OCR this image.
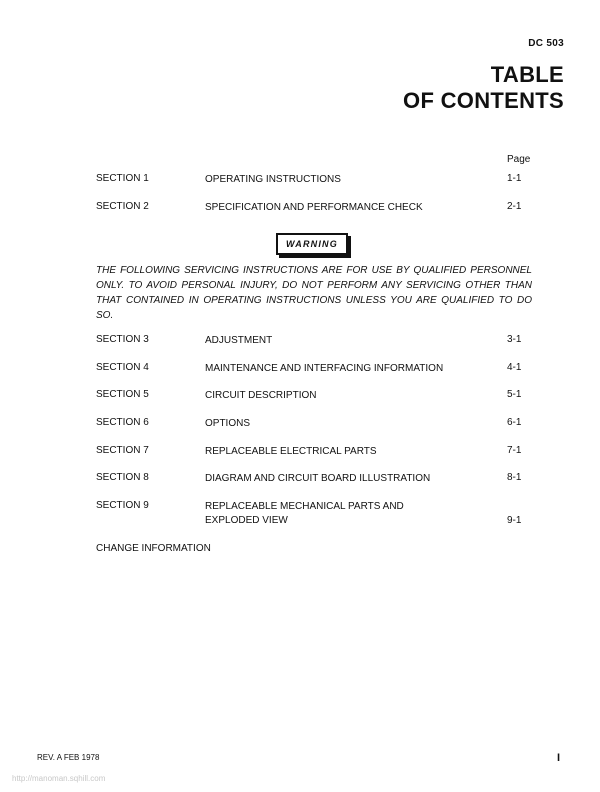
DC 503
TABLE
OF CONTENTS
Page
SECTION 1	OPERATING INSTRUCTIONS	1-1
SECTION 2	SPECIFICATION AND PERFORMANCE CHECK	2-1
WARNING
THE FOLLOWING SERVICING INSTRUCTIONS ARE FOR USE BY QUALIFIED PERSONNEL ONLY. TO AVOID PERSONAL INJURY, DO NOT PERFORM ANY SERVICING OTHER THAN THAT CONTAINED IN OPERATING INSTRUCTIONS UNLESS YOU ARE QUALIFIED TO DO SO.
SECTION 3	ADJUSTMENT	3-1
SECTION 4	MAINTENANCE AND INTERFACING INFORMATION	4-1
SECTION 5	CIRCUIT DESCRIPTION	5-1
SECTION 6	OPTIONS	6-1
SECTION 7	REPLACEABLE ELECTRICAL PARTS	7-1
SECTION 8	DIAGRAM AND CIRCUIT BOARD ILLUSTRATION	8-1
SECTION 9	REPLACEABLE MECHANICAL PARTS AND EXPLODED VIEW	9-1
CHANGE INFORMATION
REV. A FEB 1978	I
http://manoman.sqhill.com
